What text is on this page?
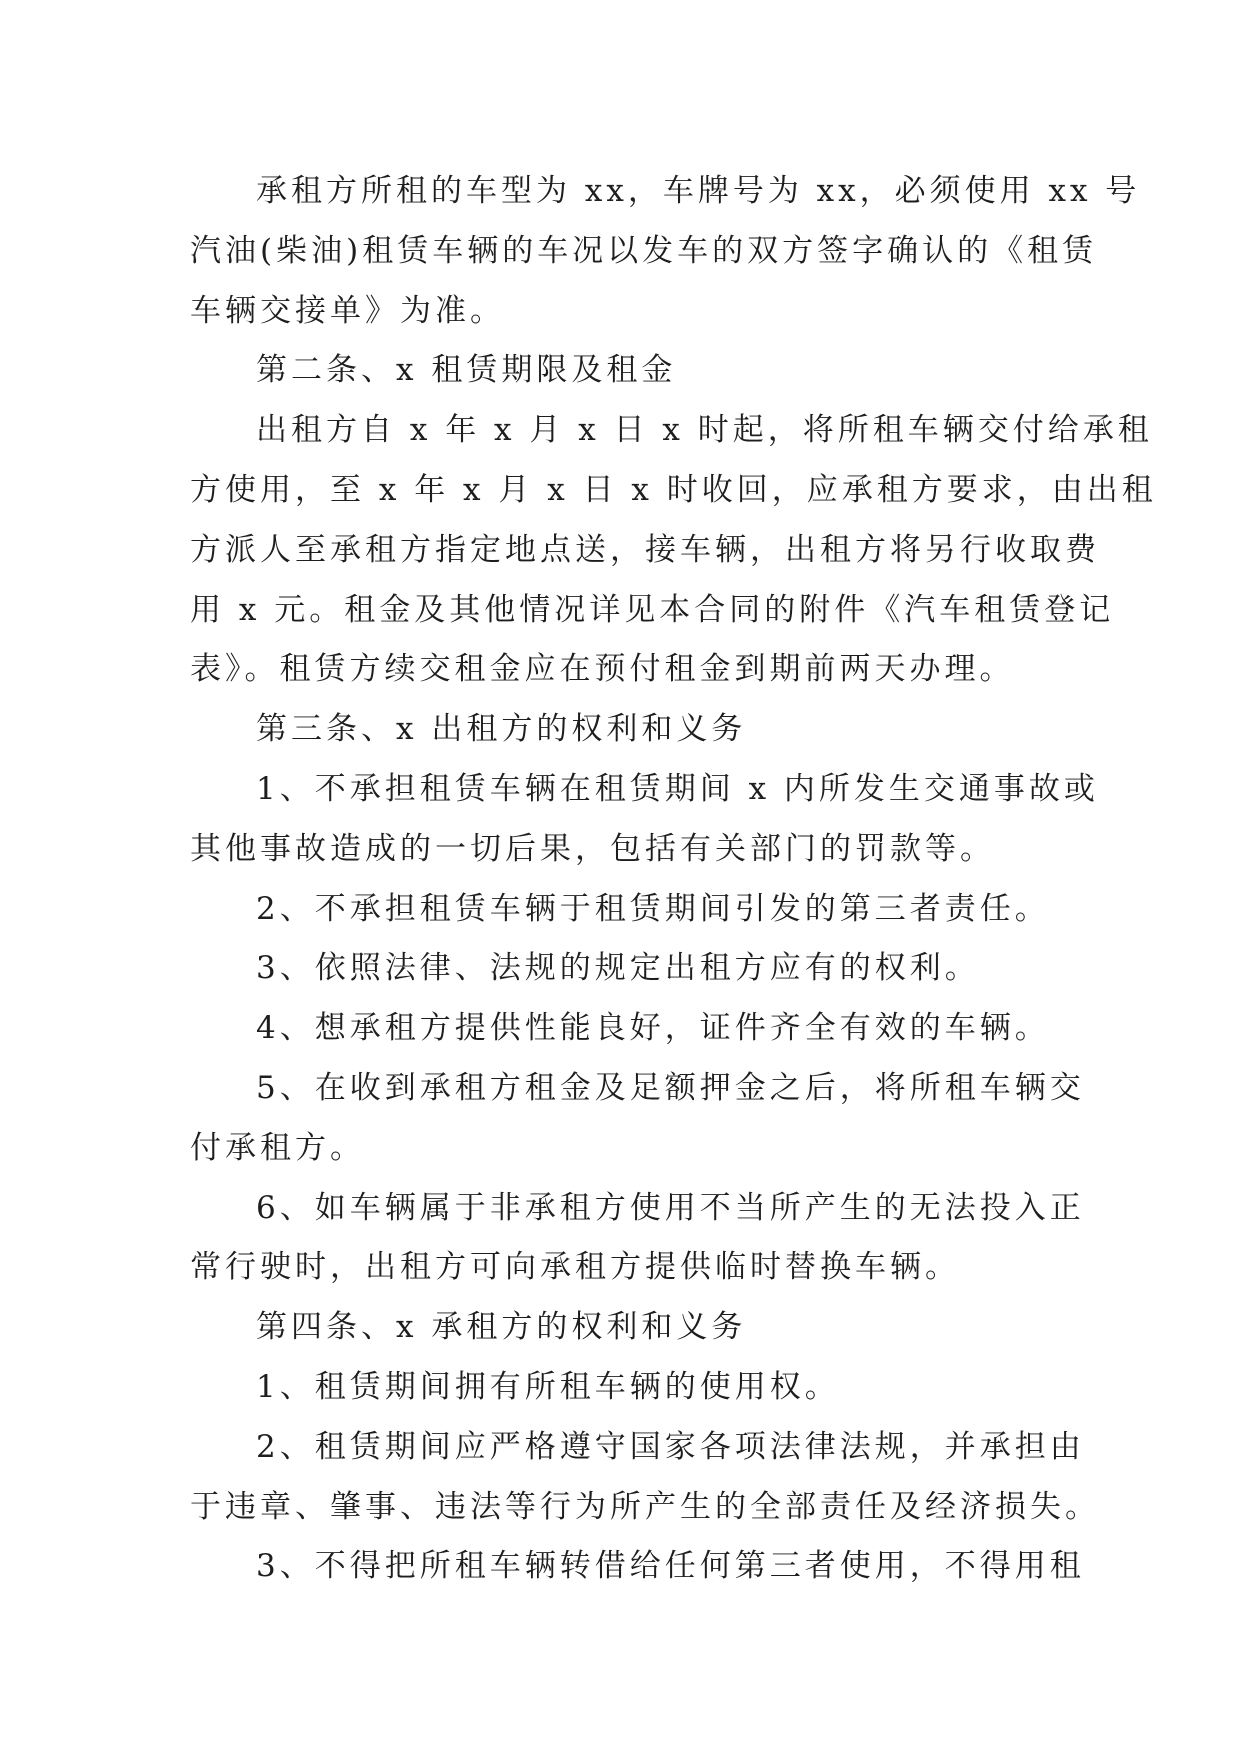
承租方所租的车型为 xx，车牌号为 xx，必须使用 xx 号
汽油(柴油)租赁车辆的车况以发车的双方签字确认的《租赁
车辆交接单》为准。
第二条、x 租赁期限及租金
出租方自 x 年 x 月 x 日 x 时起，将所租车辆交付给承租
方使用，至 x 年 x 月 x 日 x 时收回，应承租方要求，由出租
方派人至承租方指定地点送，接车辆，出租方将另行收取费
用 x 元。租金及其他情况详见本合同的附件《汽车租赁登记
表》。租赁方续交租金应在预付租金到期前两天办理。
第三条、x 出租方的权利和义务
1、不承担租赁车辆在租赁期间 x 内所发生交通事故或
其他事故造成的一切后果，包括有关部门的罚款等。
2、不承担租赁车辆于租赁期间引发的第三者责任。
3、依照法律、法规的规定出租方应有的权利。
4、想承租方提供性能良好，证件齐全有效的车辆。
5、在收到承租方租金及足额押金之后，将所租车辆交
付承租方。
6、如车辆属于非承租方使用不当所产生的无法投入正
常行驶时，出租方可向承租方提供临时替换车辆。
第四条、x 承租方的权利和义务
1、租赁期间拥有所租车辆的使用权。
2、租赁期间应严格遵守国家各项法律法规，并承担由
于违章、肇事、违法等行为所产生的全部责任及经济损失。
3、不得把所租车辆转借给任何第三者使用，不得用租
